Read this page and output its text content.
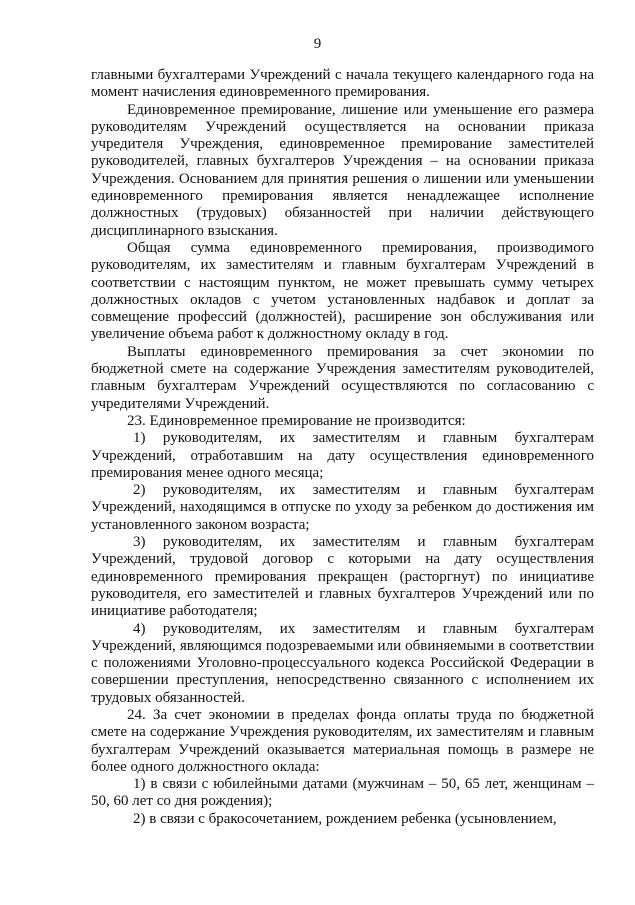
9

главными бухгалтерами Учреждений с начала текущего календарного года на момент начисления единовременного премирования.

Единовременное премирование, лишение или уменьшение его размера руководителям Учреждений осуществляется на основании приказа учредителя Учреждения, единовременное премирование заместителей руководителей, главных бухгалтеров Учреждения – на основании приказа Учреждения. Основанием для принятия решения о лишении или уменьшении единовременного премирования является ненадлежащее исполнение должностных (трудовых) обязанностей при наличии действующего дисциплинарного взыскания.

Общая сумма единовременного премирования, производимого руководителям, их заместителям и главным бухгалтерам Учреждений в соответствии с настоящим пунктом, не может превышать сумму четырех должностных окладов с учетом установленных надбавок и доплат за совмещение профессий (должностей), расширение зон обслуживания или увеличение объема работ к должностному окладу в год.

Выплаты единовременного премирования за счет экономии по бюджетной смете на содержание Учреждения заместителям руководителей, главным бухгалтерам Учреждений осуществляются по согласованию с учредителями Учреждений.

23. Единовременное премирование не производится:

1) руководителям, их заместителям и главным бухгалтерам Учреждений, отработавшим на дату осуществления единовременного премирования менее одного месяца;

2) руководителям, их заместителям и главным бухгалтерам Учреждений, находящимся в отпуске по уходу за ребенком до достижения им установленного законом возраста;

3) руководителям, их заместителям и главным бухгалтерам Учреждений, трудовой договор с которыми на дату осуществления единовременного премирования прекращен (расторгнут) по инициативе руководителя, его заместителей и главных бухгалтеров Учреждений или по инициативе работодателя;

4) руководителям, их заместителям и главным бухгалтерам Учреждений, являющимся подозреваемыми или обвиняемыми в соответствии с положениями Уголовно-процессуального кодекса Российской Федерации в совершении преступления, непосредственно связанного с исполнением их трудовых обязанностей.

24. За счет экономии в пределах фонда оплаты труда по бюджетной смете на содержание Учреждения руководителям, их заместителям и главным бухгалтерам Учреждений оказывается материальная помощь в размере не более одного должностного оклада:

1) в связи с юбилейными датами (мужчинам – 50, 65 лет, женщинам – 50, 60 лет со дня рождения);

2) в связи с бракосочетанием, рождением ребенка (усыновлением,
